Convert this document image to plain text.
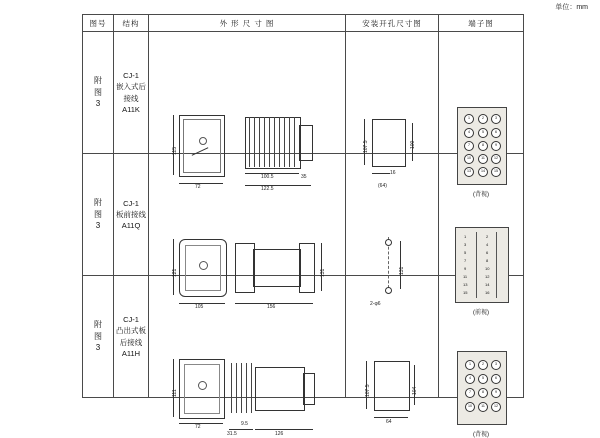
单位：mm
图号	结构	外 形 尺 寸 图	安装开孔尺寸图	端子图

附
图
3

CJ-1
嵌入式后接线
A11K

115
72
100.5
122.5
35

107.5	100
16
(64)

1	2	3
4	5	6
7	8	9
10	11	12
13	14	15
(背视)

附
图
3

CJ-1
板前接线
A11Q

121
105	156
131	131
2-φ6

1	2
3	4
5	6
7	8
9	10
11	12
13	14
15	16
(前视)

附
图
3

CJ-1
凸出式板后接线
A11H

111
72	9.5
31.5	126

107.5	104
64

1	2	3
4	5	6
7	8	9
10	11	12
(背视)
